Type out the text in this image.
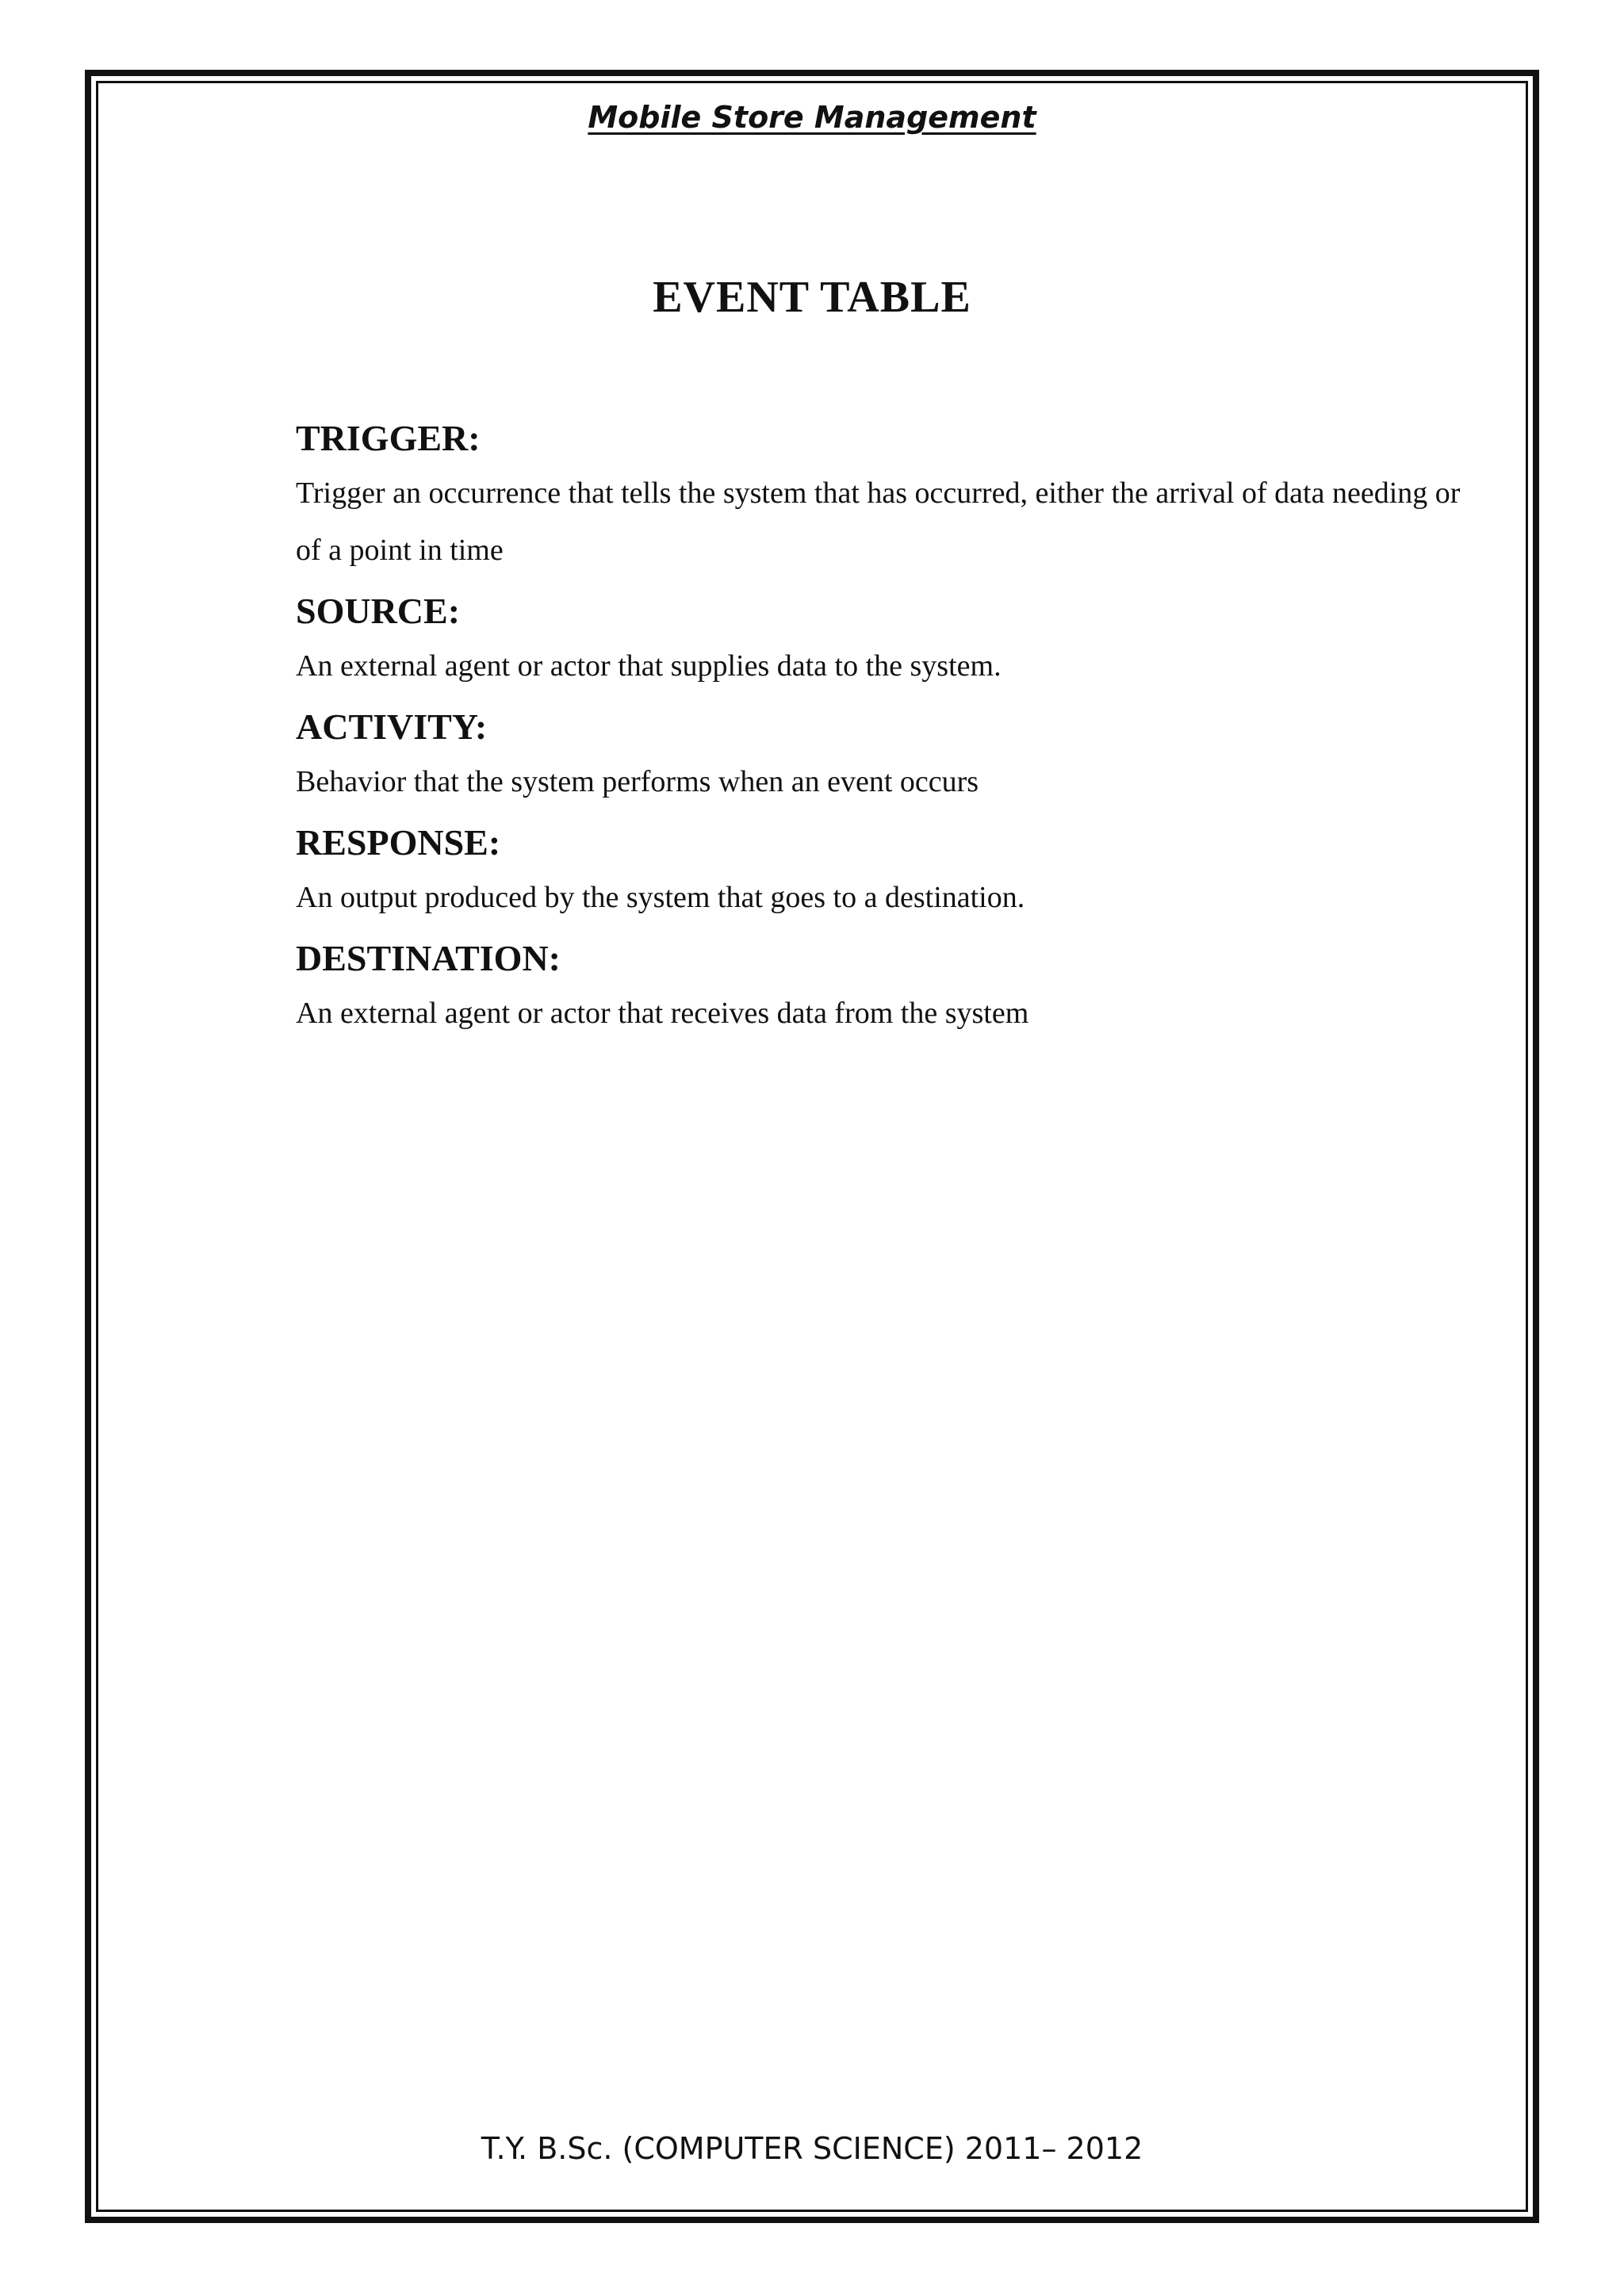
Mobile Store Management
EVENT TABLE
TRIGGER:

Trigger an occurrence that tells the system that has occurred, either the arrival of data needing or of a point in time

SOURCE:

An external agent or actor that supplies data to the system.

ACTIVITY:

Behavior that the system performs when an event occurs

RESPONSE:

An output produced by the system that goes to a destination.

DESTINATION:

An external agent or actor that receives data from the system

T.Y. B.Sc. (COMPUTER SCIENCE) 2011– 2012
